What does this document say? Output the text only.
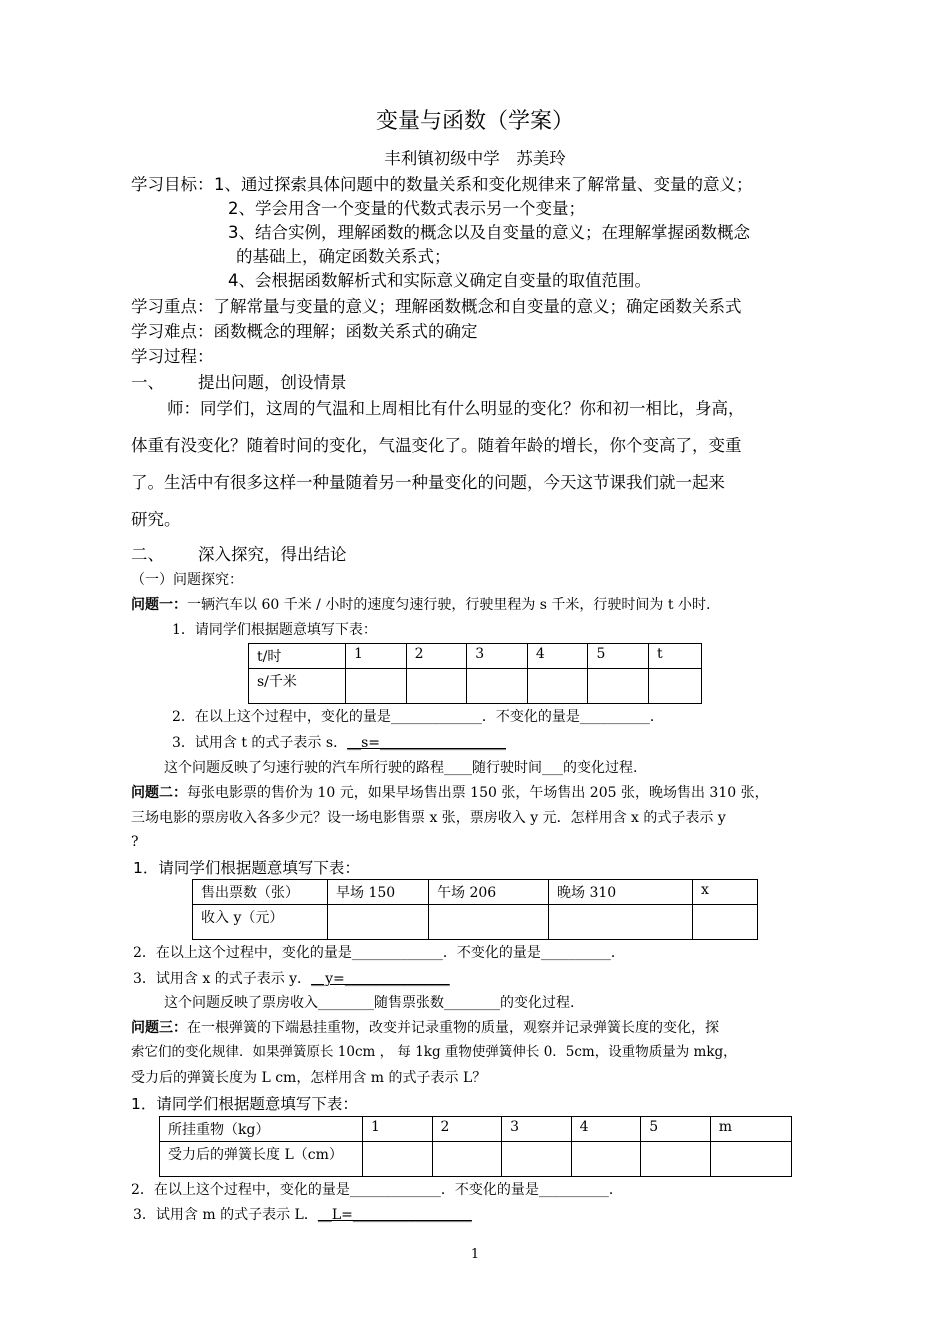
变量与函数（学案）
丰利镇初级中学　苏美玲
学习目标： 1、通过探索具体问题中的数量关系和变化规律来了解常量、变量的意义；
2、学会用含一个变量的代数式表示另一个变量；
3、结合实例，理解函数的概念以及自变量的意义；在理解掌握函数概念
的基础上，确定函数关系式；
4、会根据函数解析式和实际意义确定自变量的取值范围。
学习重点：了解常量与变量的意义；理解函数概念和自变量的意义；确定函数关系式
学习难点：函数概念的理解；函数关系式的确定
学习过程：
一、 提出问题，创设情景
师：同学们，这周的气温和上周相比有什么明显的变化？你和初一相比，身高，
体重有没变化？随着时间的变化，气温变化了。随着年龄的增长，你个变高了，变重
了。生活中有很多这样一种量随着另一种量变化的问题，今天这节课我们就一起来
研究。
二、 深入探究，得出结论
（一）问题探究：
问题一：一辆汽车以 60 千米 / 小时的速度匀速行驶，行驶里程为 s 千米，行驶时间为 t 小时.
1．请同学们根据题意填写下表：
t/时	1	2	3	4	5	t
s/千米						
2．在以上这个过程中，变化的量是_____________．不变化的量是__________．
3．试用含 t 的式子表示 s．__s=__________________
这个问题反映了匀速行驶的汽车所行驶的路程____随行驶时间___的变化过程.
问题二：每张电影票的售价为 10 元，如果早场售出票 150 张，午场售出 205 张，晚场售出 310 张，
三场电影的票房收入各多少元？设一场电影售票 x 张，票房收入 y 元．怎样用含 x 的式子表示 y
?
1．请同学们根据题意填写下表：
售出票数（张）	早场 150	午场 206	晚场 310	x
收入 y（元）				
2．在以上这个过程中，变化的量是_____________．不变化的量是__________．
3．试用含 x 的式子表示 y．__y=_______________
这个问题反映了票房收入________随售票张数________的变化过程.
问题三：在一根弹簧的下端悬挂重物，改变并记录重物的质量，观察并记录弹簧长度的变化，探
索它们的变化规律．如果弹簧原长 10cm ， 每 1kg 重物使弹簧伸长 0．5cm，设重物质量为 mkg，
受力后的弹簧长度为 L cm，怎样用含 m 的式子表示 L？
1．请同学们根据题意填写下表：
所挂重物（kg）	1	2	3	4	5	m
受力后的弹簧长度 L（cm）						
2．在以上这个过程中，变化的量是_____________．不变化的量是__________．
3．试用含 m 的式子表示 L．__L=_________________
1
